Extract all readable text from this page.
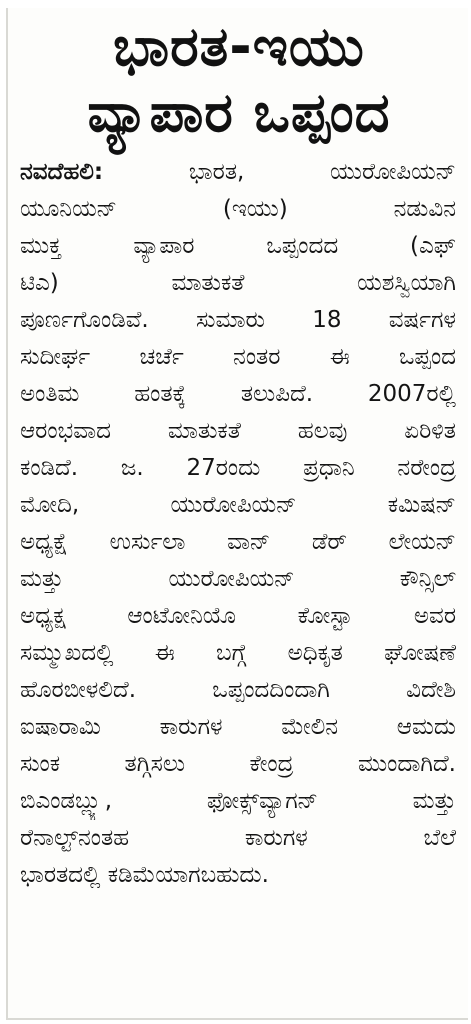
ಭಾರತ-ಇಯು
ವ್ಯಾಪಾರ ಒಪ್ಪಂದ
ನವದೆಹಲಿ: ಭಾರತ, ಯುರೋಪಿಯನ್
ಯೂನಿಯನ್ (ಇಯು) ನಡುವಿನ
ಮುಕ್ತ ವ್ಯಾಪಾರ ಒಪ್ಪಂದದ (ಎಫ್
ಟಿಎ) ಮಾತುಕತೆ ಯಶಸ್ವಿಯಾಗಿ
ಪೂರ್ಣಗೊಂಡಿವೆ. ಸುಮಾರು 18 ವರ್ಷಗಳ
ಸುದೀರ್ಘ ಚರ್ಚೆ ನಂತರ ಈ ಒಪ್ಪಂದ
ಅಂತಿಮ ಹಂತಕ್ಕೆ ತಲುಪಿದೆ. 2007ರಲ್ಲಿ
ಆರಂಭವಾದ ಮಾತುಕತೆ ಹಲವು ಏರಿಳಿತ
ಕಂಡಿದೆ. ಜ. 27ರಂದು ಪ್ರಧಾನಿ ನರೇಂದ್ರ
ಮೋದಿ, ಯುರೋಪಿಯನ್ ಕಮಿಷನ್
ಅಧ್ಯಕ್ಷೆ ಉರ್ಸುಲಾ ವಾನ್ ಡೆರ್ ಲೇಯನ್
ಮತ್ತು ಯುರೋಪಿಯನ್ ಕೌನ್ಸಿಲ್
ಅಧ್ಯಕ್ಷ ಆಂಟೋನಿಯೊ ಕೋಸ್ಟಾ ಅವರ
ಸಮ್ಮುಖದಲ್ಲಿ ಈ ಬಗ್ಗೆ ಅಧಿಕೃತ ಘೋಷಣೆ
ಹೊರಬೀಳಲಿದೆ. ಒಪ್ಪಂದದಿಂದಾಗಿ ವಿದೇಶಿ
ಐಷಾರಾಮಿ ಕಾರುಗಳ ಮೇಲಿನ ಆಮದು
ಸುಂಕ ತಗ್ಗಿಸಲು ಕೇಂದ್ರ ಮುಂದಾಗಿದೆ.
ಬಿಎಂಡಬ್ಲ್ಯು, ಫೋಕ್ಸ್‌ವ್ಯಾಗನ್ ಮತ್ತು
ರೆನಾಲ್ಟ್‌ನಂತಹ ಕಾರುಗಳ ಬೆಲೆ
ಭಾರತದಲ್ಲಿ ಕಡಿಮೆಯಾಗಬಹುದು.
